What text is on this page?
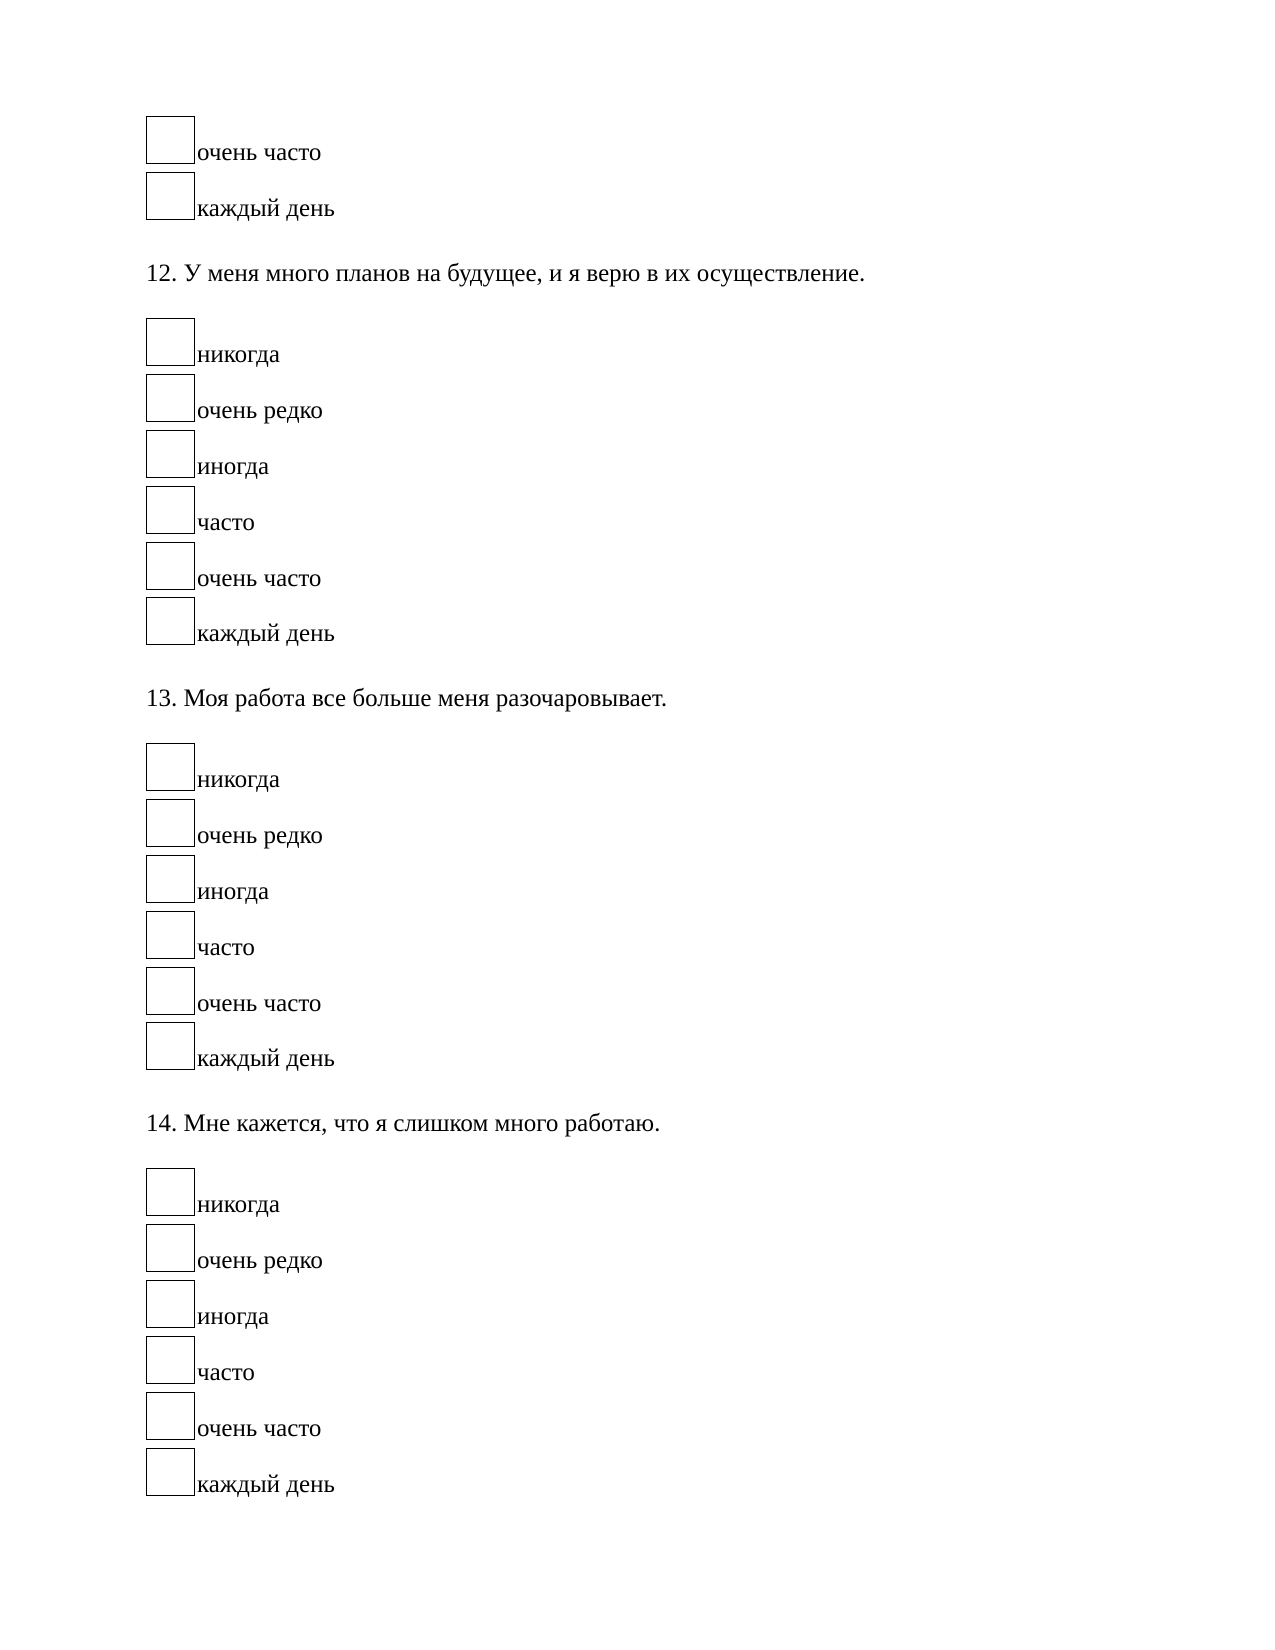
очень часто
каждый день
12. У меня много планов на будущее, и я верю в их осуществление.
никогда
очень редко
иногда
часто
очень часто
каждый день
13. Моя работа все больше меня разочаровывает.
никогда
очень редко
иногда
часто
очень часто
каждый день
14. Мне кажется, что я слишком много работаю.
никогда
очень редко
иногда
часто
очень часто
каждый день
